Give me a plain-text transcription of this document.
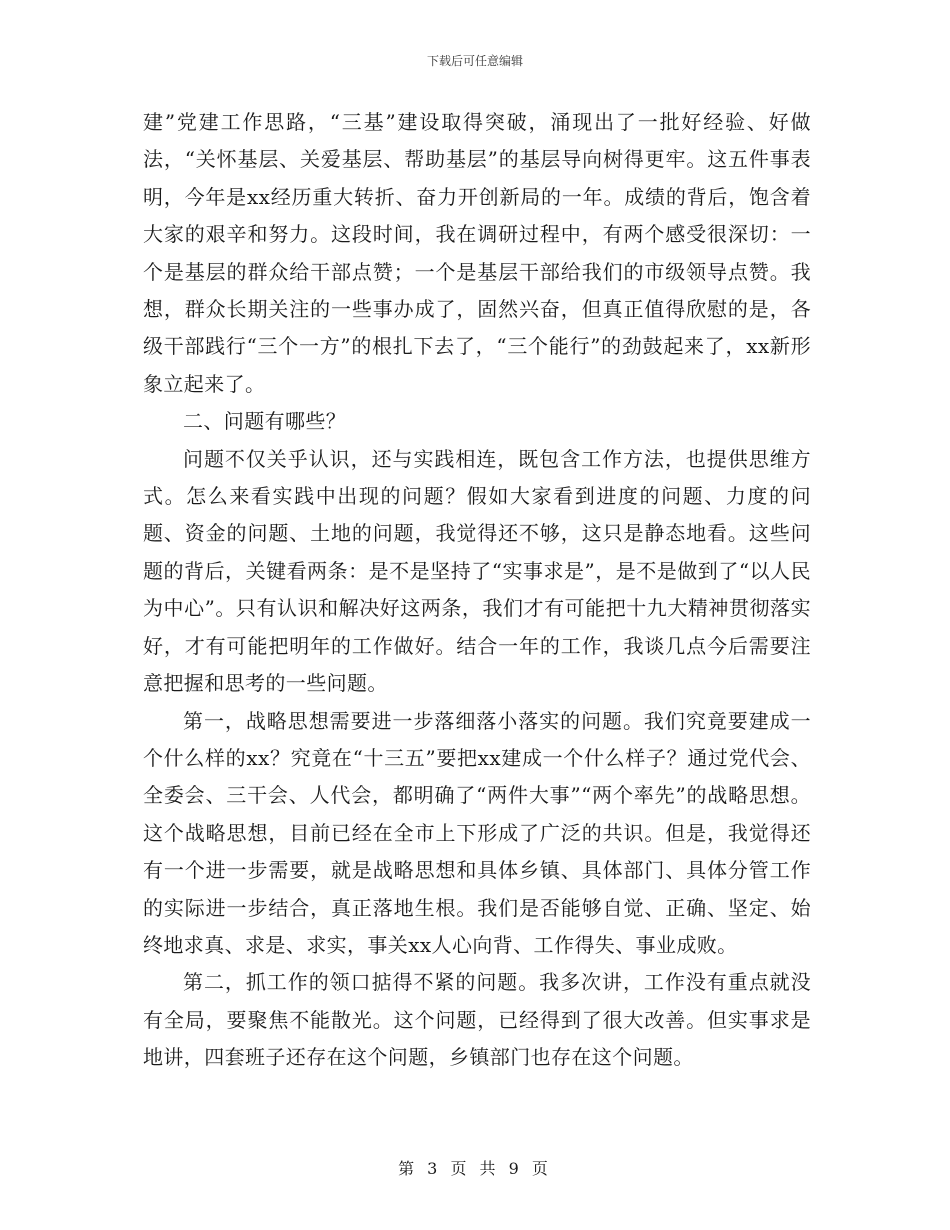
下载后可任意编辑

建”党建工作思路，“三基”建设取得突破，涌现出了一批好经验、好做法，“关怀基层、关爱基层、帮助基层”的基层导向树得更牢。这五件事表明，今年是xx经历重大转折、奋力开创新局的一年。成绩的背后，饱含着大家的艰辛和努力。这段时间，我在调研过程中，有两个感受很深切：一个是基层的群众给干部点赞；一个是基层干部给我们的市级领导点赞。我想，群众长期关注的一些事办成了，固然兴奋，但真正值得欣慰的是，各级干部践行“三个一方”的根扎下去了，“三个能行”的劲鼓起来了，xx新形象立起来了。

二、问题有哪些？

问题不仅关乎认识，还与实践相连，既包含工作方法，也提供思维方式。怎么来看实践中出现的问题？假如大家看到进度的问题、力度的问题、资金的问题、土地的问题，我觉得还不够，这只是静态地看。这些问题的背后，关键看两条：是不是坚持了“实事求是”，是不是做到了“以人民为中心”。只有认识和解决好这两条，我们才有可能把十九大精神贯彻落实好，才有可能把明年的工作做好。结合一年的工作，我谈几点今后需要注意把握和思考的一些问题。

第一，战略思想需要进一步落细落小落实的问题。我们究竟要建成一个什么样的xx？究竟在“十三五”要把xx建成一个什么样子？通过党代会、全委会、三干会、人代会，都明确了“两件大事”“两个率先”的战略思想。这个战略思想，目前已经在全市上下形成了广泛的共识。但是，我觉得还有一个进一步需要，就是战略思想和具体乡镇、具体部门、具体分管工作的实际进一步结合，真正落地生根。我们是否能够自觉、正确、坚定、始终地求真、求是、求实，事关xx人心向背、工作得失、事业成败。

第二，抓工作的领口掂得不紧的问题。我多次讲，工作没有重点就没有全局，要聚焦不能散光。这个问题，已经得到了很大改善。但实事求是地讲，四套班子还存在这个问题，乡镇部门也存在这个问题。

第 3 页 共 9 页
